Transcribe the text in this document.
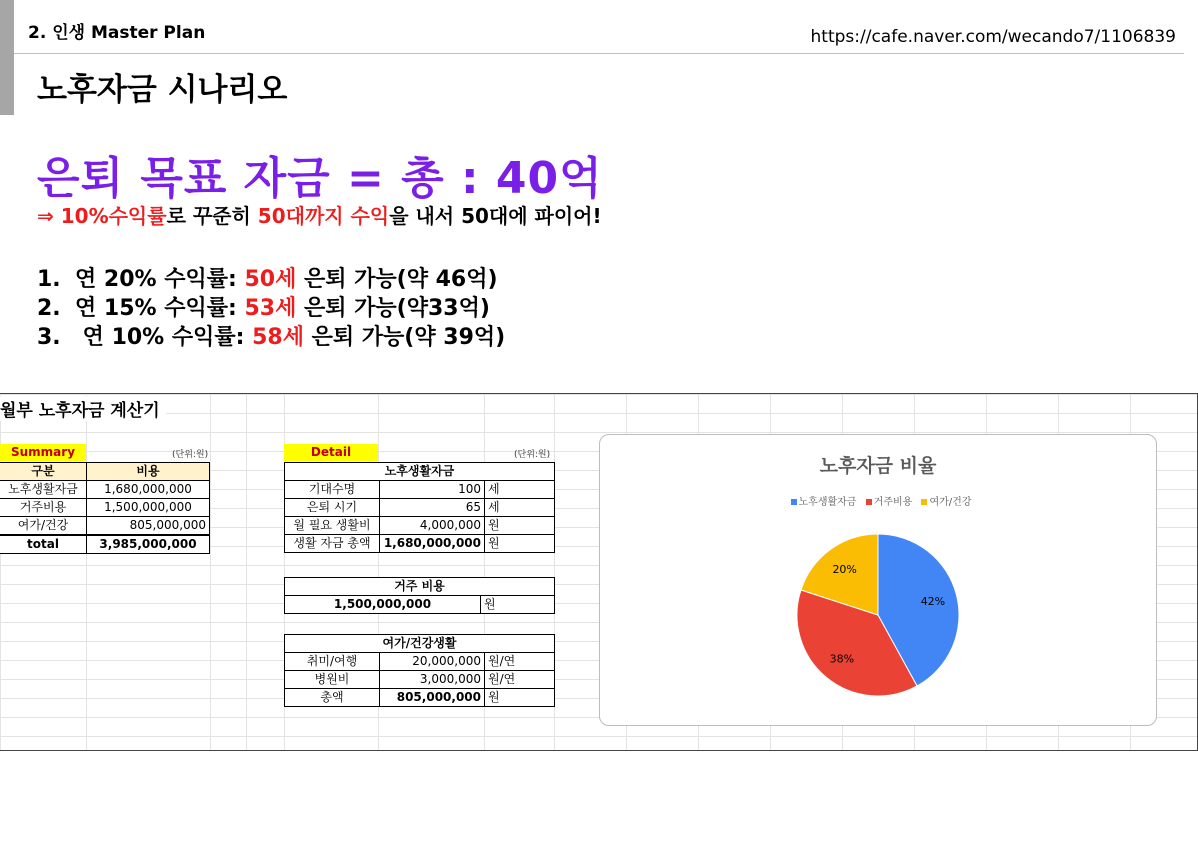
2. 인생 Master Plan	https://cafe.naver.com/wecando7/1106839
노후자금 시나리오
은퇴 목표 자금 = 총 : 40억
⇒ 10%수익률로 꾸준히 50대까지 수익을 내서 50대에 파이어!
1. 연 20% 수익률: 50세 은퇴 가능(약 46억)
2. 연 15% 수익률: 53세 은퇴 가능(약33억)
3. 연 10% 수익률: 58세 은퇴 가능(약 39억)
월부 노후자금 계산기
Summary	(단위:원)
구분	비용
노후생활자금	1,680,000,000
거주비용	1,500,000,000
여가/건강	805,000,000
total	3,985,000,000
Detail	(단위:원)
노후생활자금		
기대수명	100	세
은퇴 시기	65	세
월 필요 생활비	4,000,000	원
생활 자금 총액	1,680,000,000	원
거주 비용
1,500,000,000	원
여가/건강생활		
취미/여행	20,000,000	원/연
병원비	3,000,000	원/연
총액	805,000,000	원
노후자금 비율
노후생활자금 거주비용 여가/건강
42%
38%
20%
